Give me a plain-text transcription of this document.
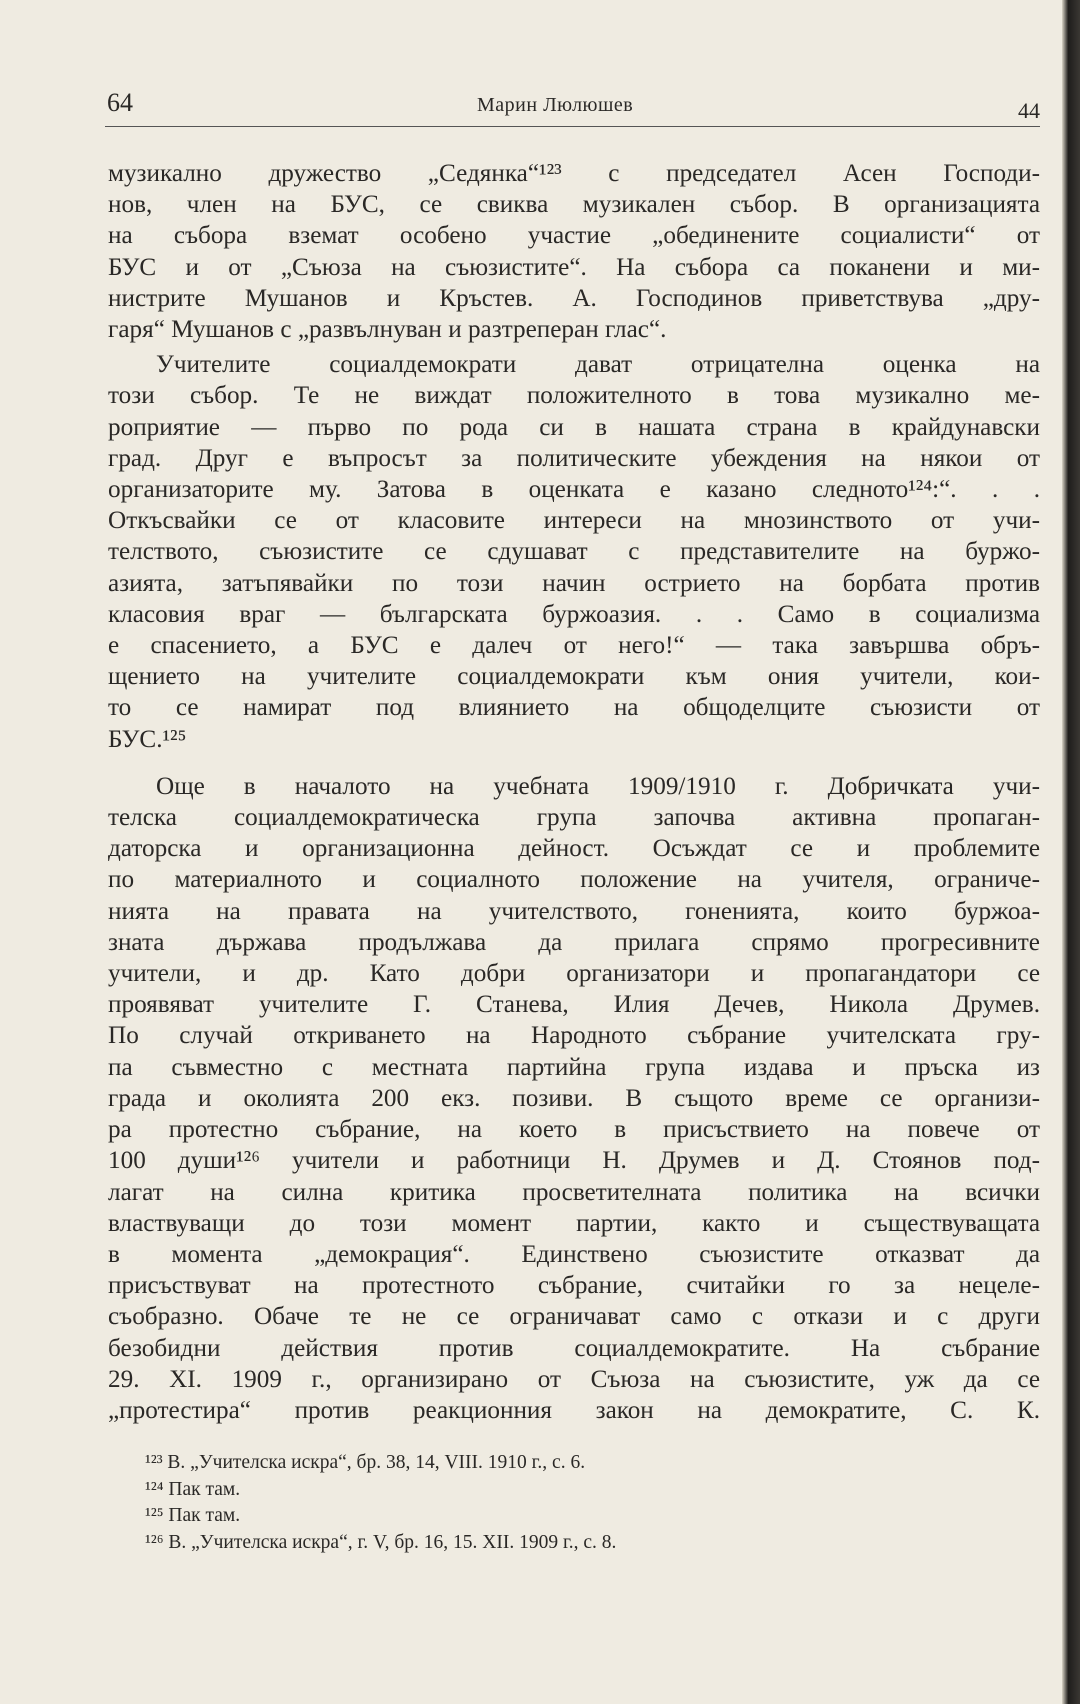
64	Марин Люлюшев	44

музикално дружество „Седянка“¹²³ с председател Асен Господи-

нов, член на БУС, се свиква музикален събор. В организацията

на събора вземат особено участие „обединените социалисти“ от

БУС и от „Съюза на съюзистите“. На събора са поканени и ми-

нистрите Мушанов и Кръстев. А. Господинов приветствува „дру-

гаря“ Мушанов с „развълнуван и разтреперан глас“.

Учителите социалдемократи дават отрицателна оценка на

този събор. Те не виждат положителното в това музикално ме-

роприятие — първо по рода си в нашата страна в крайдунавски

град. Друг е въпросът за политическите убеждения на някои от

организаторите му. Затова в оценката е казано следното¹²⁴:“. . .

Откъсвайки се от класовите интереси на мнозинството от учи-

телството, съюзистите се сдушават с представителите на буржо-

азията, затъпявайки по този начин острието на борбата против

класовия враг — българската буржоазия. . . Само в социализма

е спасението, а БУС е далеч от него!“ — така завършва обръ-

щението на учителите социалдемократи към ония учители, кои-

то се намират под влиянието на общоделците съюзисти от

БУС.¹²⁵

Още в началото на учебната 1909/1910 г. Добричката учи-

телска социалдемократическа група започва активна пропаган-

даторска и организационна дейност. Осъждат се и проблемите

по материалното и социалното положение на учителя, ограниче-

нията на правата на учителството, гоненията, които буржоа-

зната държава продължава да прилага спрямо прогресивните

учители, и др. Като добри организатори и пропагандатори се

проявяват учителите Г. Станева, Илия Дечев, Никола Друмев.

По случай откриването на Народното събрание учителската гру-

па съвместно с местната партийна група издава и пръска из

града и околията 200 екз. позиви. В същото време се организи-

ра протестно събрание, на което в присъствието на повече от

100 души¹²⁶ учители и работници Н. Друмев и Д. Стоянов под-

лагат на силна критика просветителната политика на всички

властвуващи до този момент партии, както и съществуващата

в момента „демокрация“. Единствено съюзистите отказват да

присъствуват на протестното събрание, считайки го за нецеле-

съобразно. Обаче те не се ограничават само с откази и с други

безобидни действия против социалдемократите. На събрание

29. XI. 1909 г., организирано от Съюза на съюзистите, уж да се

„протестира“ против реакционния закон на демократите, С. К.

¹²³ В. „Учителска искра“, бр. 38, 14, VIII. 1910 г., с. 6.

¹²⁴ Пак там.

¹²⁵ Пак там.

¹²⁶ В. „Учителска искра“, г. V, бр. 16, 15. XII. 1909 г., с. 8.
